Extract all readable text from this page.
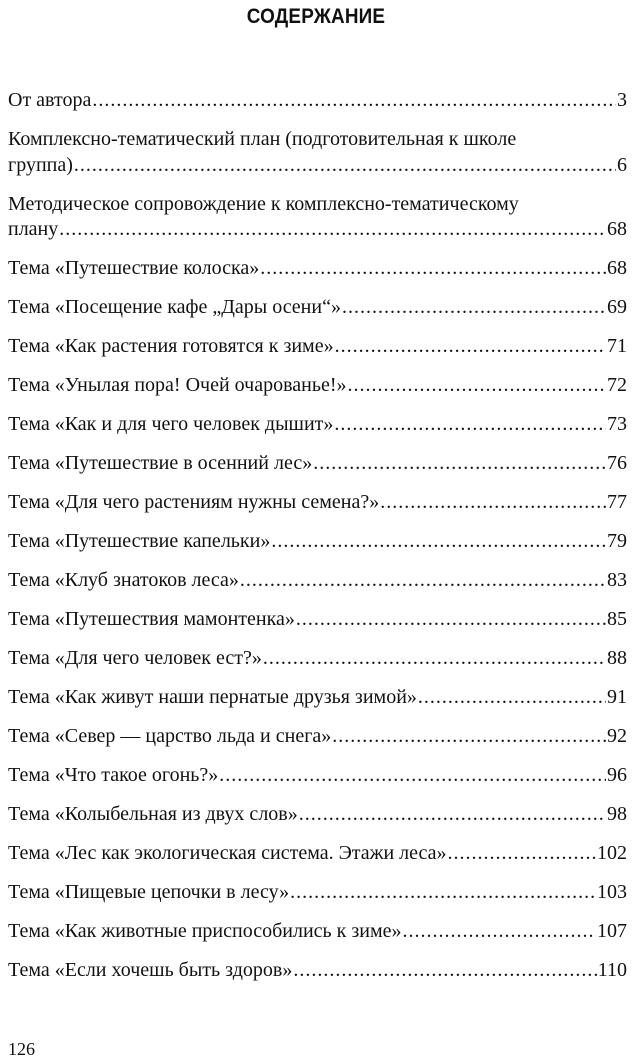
СОДЕРЖАНИЕ
От автора .....	3
Комплексно-тематический план (подготовительная к школе
группа) .....	6
Методическое сопровождение к комплексно-тематическому
плану .....	68
Тема «Путешествие колоска» .....	68
Тема «Посещение кафе „Дары осени“» .....	69
Тема «Как растения готовятся к зиме» .....	71
Тема «Унылая пора! Очей очарованье!» .....	72
Тема «Как и для чего человек дышит» .....	73
Тема «Путешествие в осенний лес» .....	76
Тема «Для чего растениям нужны семена?» .....	77
Тема «Путешествие капельки» .....	79
Тема «Клуб знатоков леса» .....	83
Тема «Путешествия мамонтенка» .....	85
Тема «Для чего человек ест?» .....	88
Тема «Как живут наши пернатые друзья зимой» .....	91
Тема «Север — царство льда и снега» .....	92
Тема «Что такое огонь?» .....	96
Тема «Колыбельная из двух слов» .....	98
Тема «Лес как экологическая система. Этажи леса» .....	102
Тема «Пищевые цепочки в лесу» .....	103
Тема «Как животные приспособились к зиме» .....	107
Тема «Если хочешь быть здоров» .....	110
126
